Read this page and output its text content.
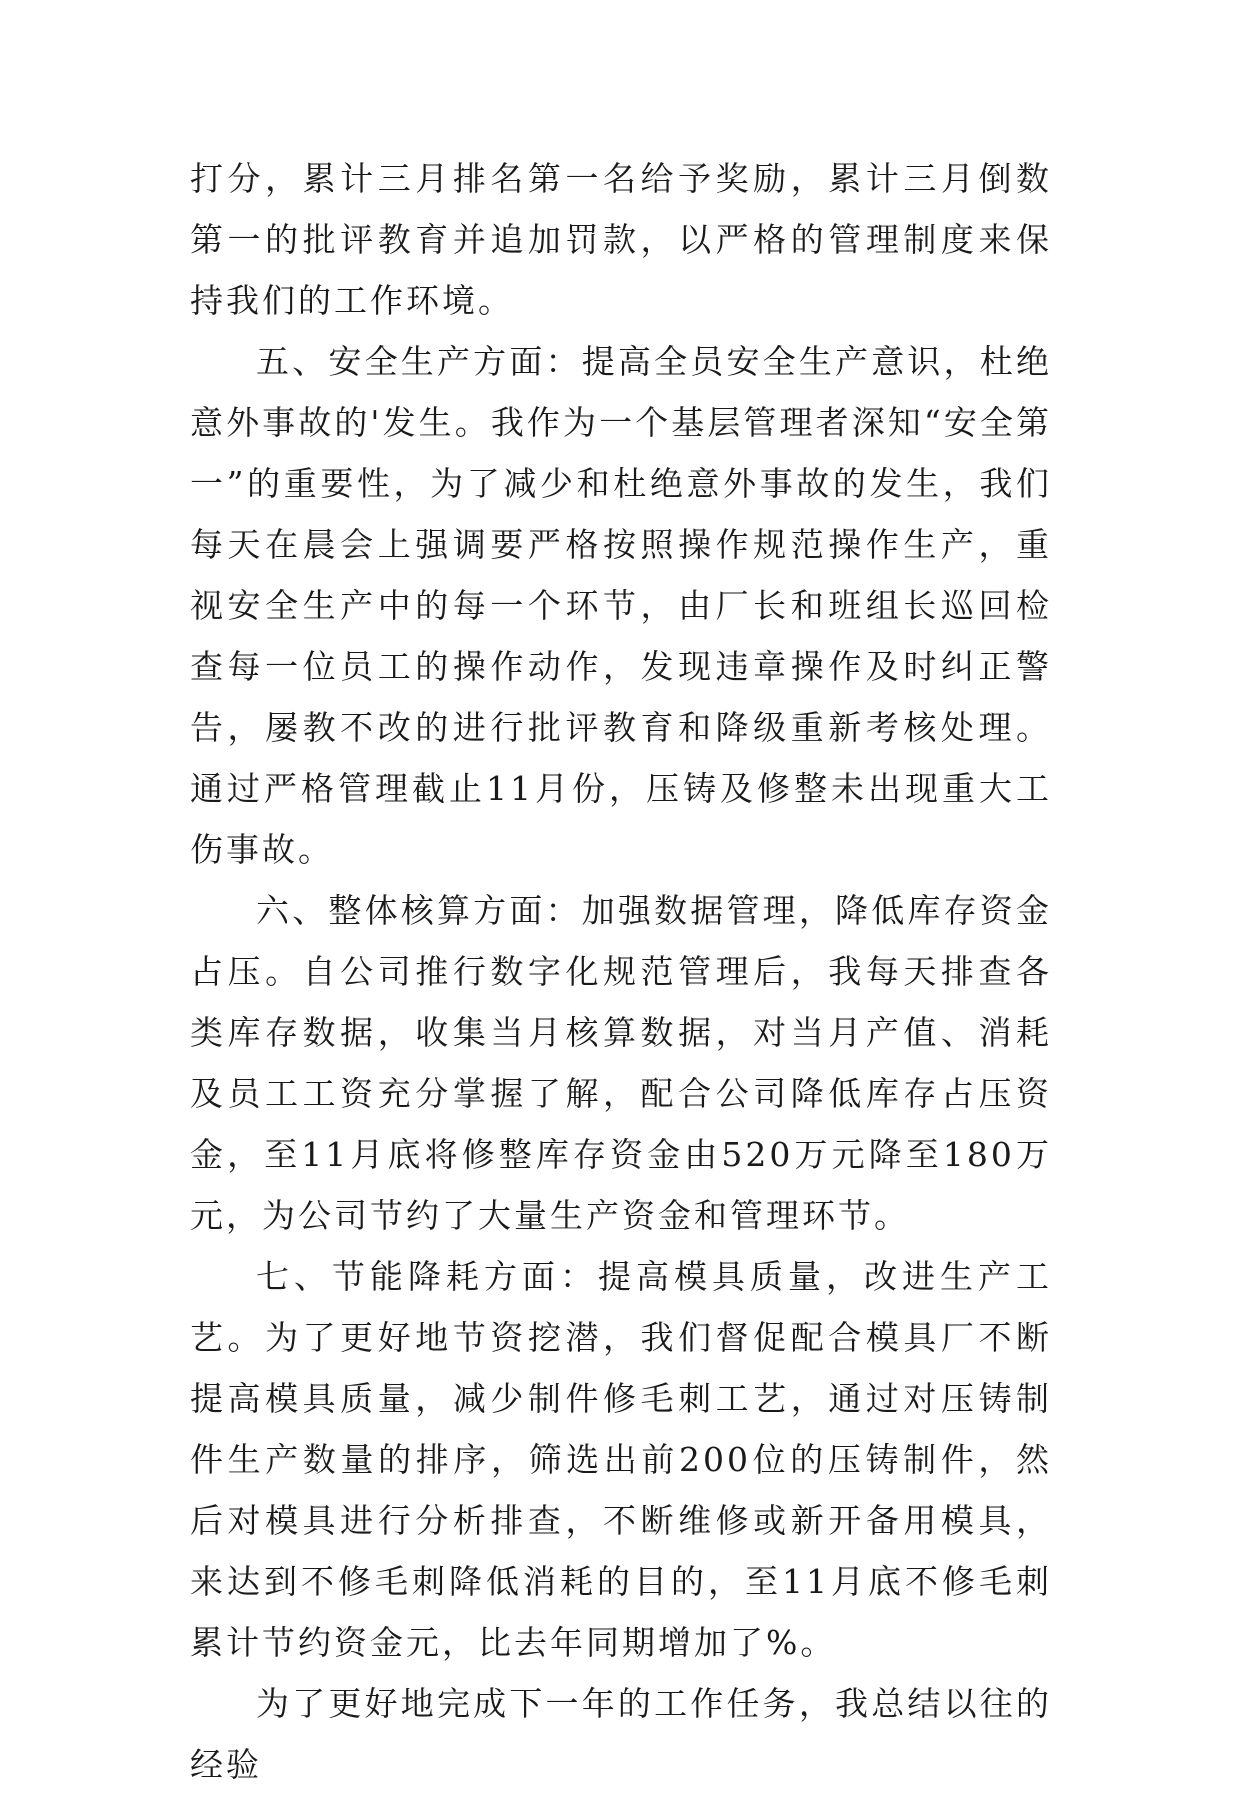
打分，累计三月排名第一名给予奖励，累计三月倒数第一的批评教育并追加罚款，以严格的管理制度来保持我们的工作环境。

五、安全生产方面：提高全员安全生产意识，杜绝意外事故的'发生。我作为一个基层管理者深知“安全第一”的重要性，为了减少和杜绝意外事故的发生，我们每天在晨会上强调要严格按照操作规范操作生产，重视安全生产中的每一个环节，由厂长和班组长巡回检查每一位员工的操作动作，发现违章操作及时纠正警告，屡教不改的进行批评教育和降级重新考核处理。通过严格管理截止11月份，压铸及修整未出现重大工伤事故。

六、整体核算方面：加强数据管理，降低库存资金占压。自公司推行数字化规范管理后，我每天排查各类库存数据，收集当月核算数据，对当月产值、消耗及员工工资充分掌握了解，配合公司降低库存占压资金，至11月底将修整库存资金由520万元降至180万元，为公司节约了大量生产资金和管理环节。

七、节能降耗方面：提高模具质量，改进生产工艺。为了更好地节资挖潜，我们督促配合模具厂不断提高模具质量，减少制件修毛刺工艺，通过对压铸制件生产数量的排序，筛选出前200位的压铸制件，然后对模具进行分析排查，不断维修或新开备用模具，来达到不修毛刺降低消耗的目的，至11月底不修毛刺累计节约资金元，比去年同期增加了%。

为了更好地完成下一年的工作任务，我总结以往的经验
